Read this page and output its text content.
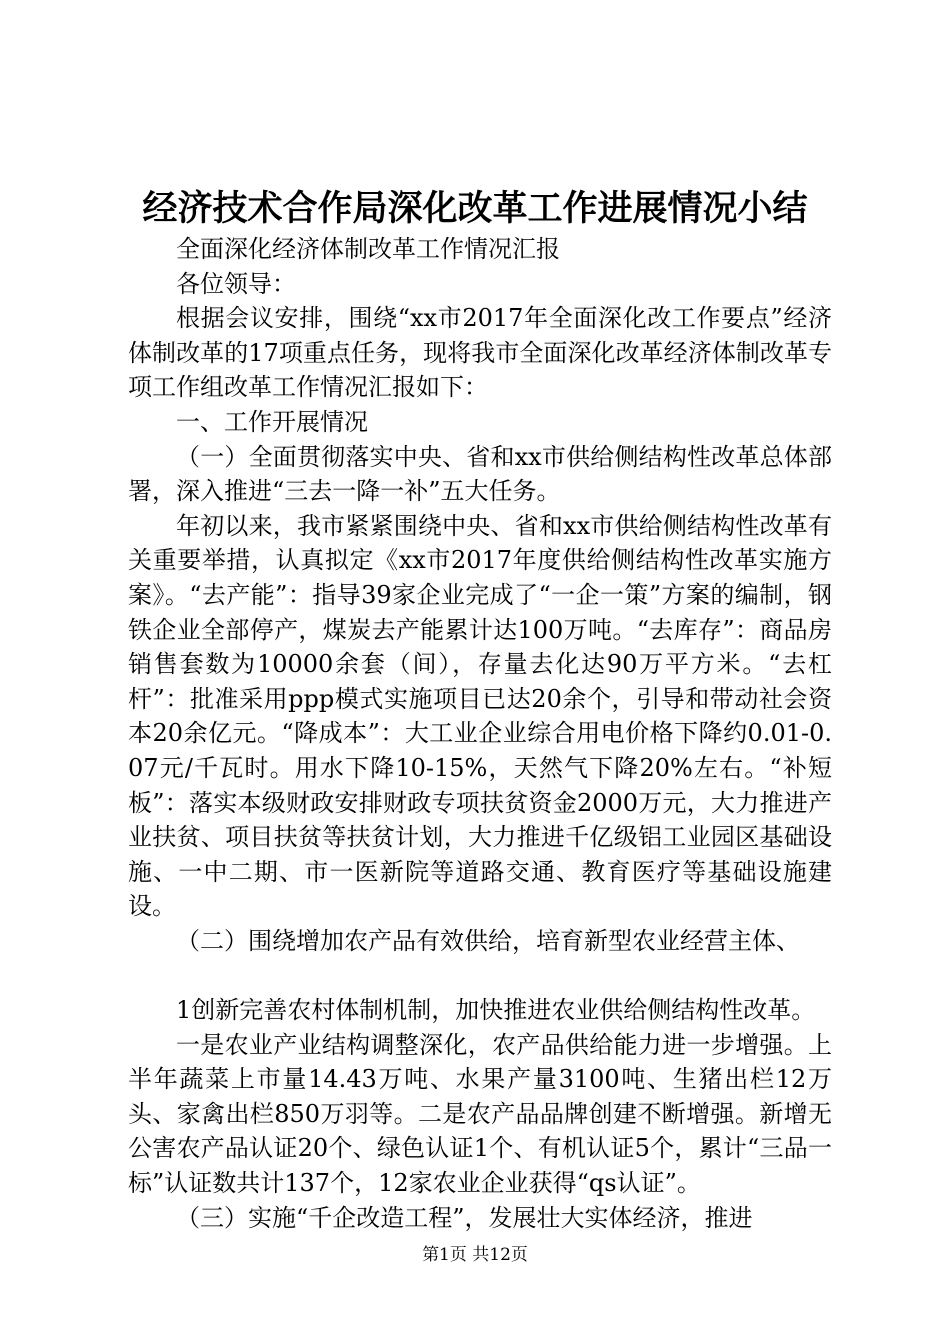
经济技术合作局深化改革工作进展情况小结

全面深化经济体制改革工作情况汇报

各位领导：

根据会议安排，围绕“xx市2017年全面深化改工作要点”经济体制改革的17项重点任务，现将我市全面深化改革经济体制改革专项工作组改革工作情况汇报如下：

一、工作开展情况

（一）全面贯彻落实中央、省和xx市供给侧结构性改革总体部署，深入推进“三去一降一补”五大任务。

年初以来，我市紧紧围绕中央、省和xx市供给侧结构性改革有关重要举措，认真拟定《xx市2017年度供给侧结构性改革实施方案》。“去产能”：指导39家企业完成了“一企一策”方案的编制，钢铁企业全部停产，煤炭去产能累计达100万吨。“去库存”：商品房销售套数为10000余套（间），存量去化达90万平方米。“去杠杆”：批准采用ppp模式实施项目已达20余个，引导和带动社会资本20余亿元。“降成本”：大工业企业综合用电价格下降约0.01-0.07元/千瓦时。用水下降10-15%，天然气下降20%左右。“补短板”：落实本级财政安排财政专项扶贫资金2000万元，大力推进产业扶贫、项目扶贫等扶贫计划，大力推进千亿级铝工业园区基础设施、一中二期、市一医新院等道路交通、教育医疗等基础设施建设。

（二）围绕增加农产品有效供给，培育新型农业经营主体、

1创新完善农村体制机制，加快推进农业供给侧结构性改革。

一是农业产业结构调整深化，农产品供给能力进一步增强。上半年蔬菜上市量14.43万吨、水果产量3100吨、生猪出栏12万头、家禽出栏850万羽等。二是农产品品牌创建不断增强。新增无公害农产品认证20个、绿色认证1个、有机认证5个，累计“三品一标”认证数共计137个，12家农业企业获得“qs认证”。

（三）实施“千企改造工程”，发展壮大实体经济，推进

第1页 共12页
